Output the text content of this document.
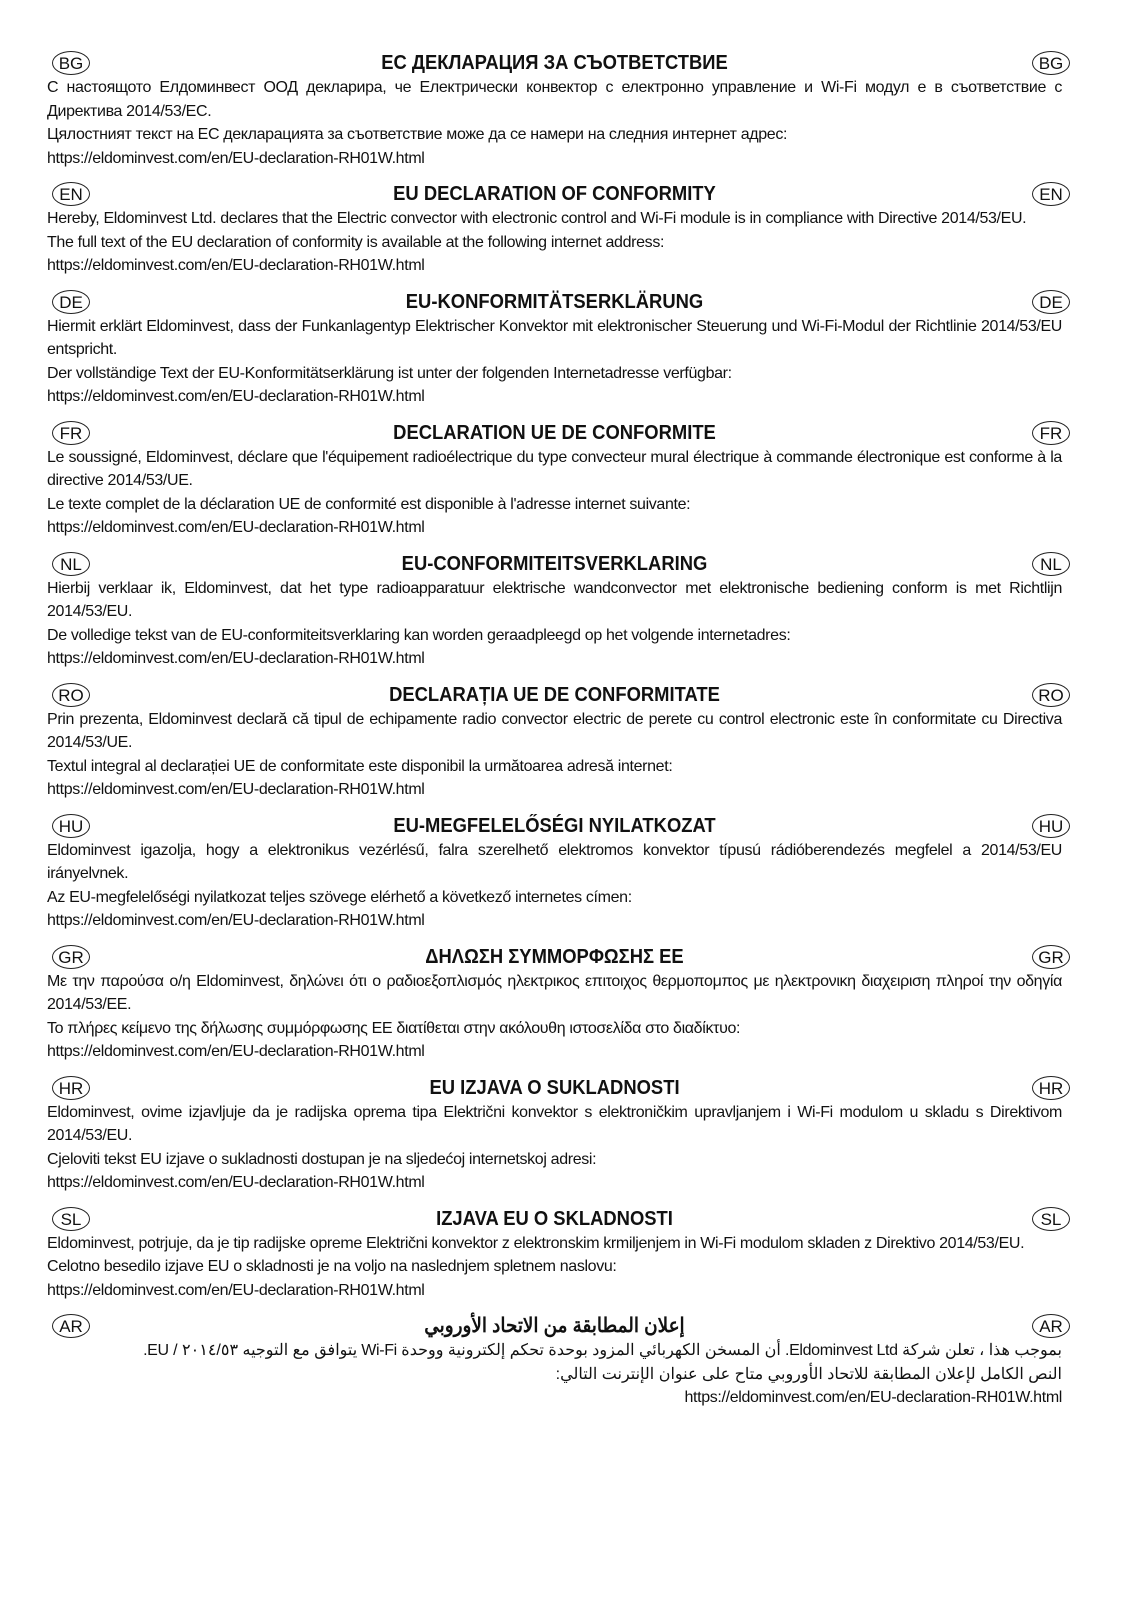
BG	ЕС ДЕКЛАРАЦИЯ ЗА СЪОТВЕТСТВИЕ	BG
С настоящото Елдоминвест ООД декларира, че Електрически конвектор с електронно управление и Wi-Fi модул е в съответствие с Директива 2014/53/ЕС.
Цялостният текст на ЕС декларацията за съответствие може да се намери на следния интернет адрес:
https://eldominvest.com/en/EU-declaration-RH01W.html
EN	EU DECLARATION OF CONFORMITY	EN
Hereby, Eldominvest Ltd. declares that the Electric convector with electronic control and Wi-Fi module is in compliance with Directive 2014/53/EU.
The full text of the EU declaration of conformity is available at the following internet address:
https://eldominvest.com/en/EU-declaration-RH01W.html
DE	EU-KONFORMITÄTSERKLÄRUNG	DE
Hiermit erklärt Eldominvest, dass der Funkanlagentyp Elektrischer Konvektor mit elektronischer Steuerung und Wi-Fi-Modul der Richtlinie 2014/53/EU entspricht.
Der vollständige Text der EU-Konformitätserklärung ist unter der folgenden Internetadresse verfügbar:
https://eldominvest.com/en/EU-declaration-RH01W.html
FR	DECLARATION UE DE CONFORMITE	FR
Le soussigné, Eldominvest, déclare que l'équipement radioélectrique du type convecteur mural électrique à commande électronique est conforme à la directive 2014/53/UE.
Le texte complet de la déclaration UE de conformité est disponible à l'adresse internet suivante:
https://eldominvest.com/en/EU-declaration-RH01W.html
NL	EU-CONFORMITEITSVERKLARING	NL
Hierbij verklaar ik, Eldominvest, dat het type radioapparatuur elektrische wandconvector met elektronische bediening conform is met Richtlijn 2014/53/EU.
De volledige tekst van de EU-conformiteitsverklaring kan worden geraadpleegd op het volgende internetadres:
https://eldominvest.com/en/EU-declaration-RH01W.html
RO	DECLARAȚIA UE DE CONFORMITATE	RO
Prin prezenta, Eldominvest declară că tipul de echipamente radio convector electric de perete cu control electronic este în conformitate cu Directiva 2014/53/UE.
Textul integral al declarației UE de conformitate este disponibil la următoarea adresă internet:
https://eldominvest.com/en/EU-declaration-RH01W.html
HU	EU-MEGFELELŐSÉGI NYILATKOZAT	HU
Eldominvest igazolja, hogy a elektronikus vezérlésű, falra szerelhető elektromos konvektor típusú rádióberendezés megfelel a 2014/53/EU irányelvnek.
Az EU-megfelelőségi nyilatkozat teljes szövege elérhető a következő internetes címen:
https://eldominvest.com/en/EU-declaration-RH01W.html
GR	ΔΗΛΩΣΗ ΣΥΜΜΟΡΦΩΣΗΣ ΕΕ	GR
Με την παρούσα ο/η Eldominvest, δηλώνει ότι ο ραδιοεξοπλισμός ηλεκτρικος επιτοιχος θερμοπομπος με ηλεκτρονικη διαχειριση πληροί την οδηγία 2014/53/ΕΕ.
Το πλήρες κείμενο της δήλωσης συμμόρφωσης ΕΕ διατίθεται στην ακόλουθη ιστοσελίδα στο διαδίκτυο:
https://eldominvest.com/en/EU-declaration-RH01W.html
HR	EU IZJAVA O SUKLADNOSTI	HR
Eldominvest, ovime izjavljuje da je radijska oprema tipa Električni konvektor s elektroničkim upravljanjem i Wi-Fi modulom u skladu s Direktivom 2014/53/EU.
Cjeloviti tekst EU izjave o sukladnosti dostupan je na sljedećoj internetskoj adresi:
https://eldominvest.com/en/EU-declaration-RH01W.html
SL	IZJAVA EU O SKLADNOSTI	SL
Eldominvest, potrjuje, da je tip radijske opreme Električni konvektor z elektronskim krmiljenjem in Wi-Fi modulom skladen z Direktivo 2014/53/EU.
Celotno besedilo izjave EU o skladnosti je na voljo na naslednjem spletnem naslovu:
https://eldominvest.com/en/EU-declaration-RH01W.html
AR	إعلان المطابقة من الاتحاد الأوروبي	AR
بموجب هذا ، تعلن شركة Eldominvest Ltd. أن المسخن الكهربائي المزود بوحدة تحكم إلكترونية ووحدة Wi-Fi يتوافق مع التوجيه ٢٠١٤/٥٣ / EU.
النص الكامل لإعلان المطابقة للاتحاد الأوروبي متاح على عنوان الإنترنت التالي:
https://eldominvest.com/en/EU-declaration-RH01W.html
